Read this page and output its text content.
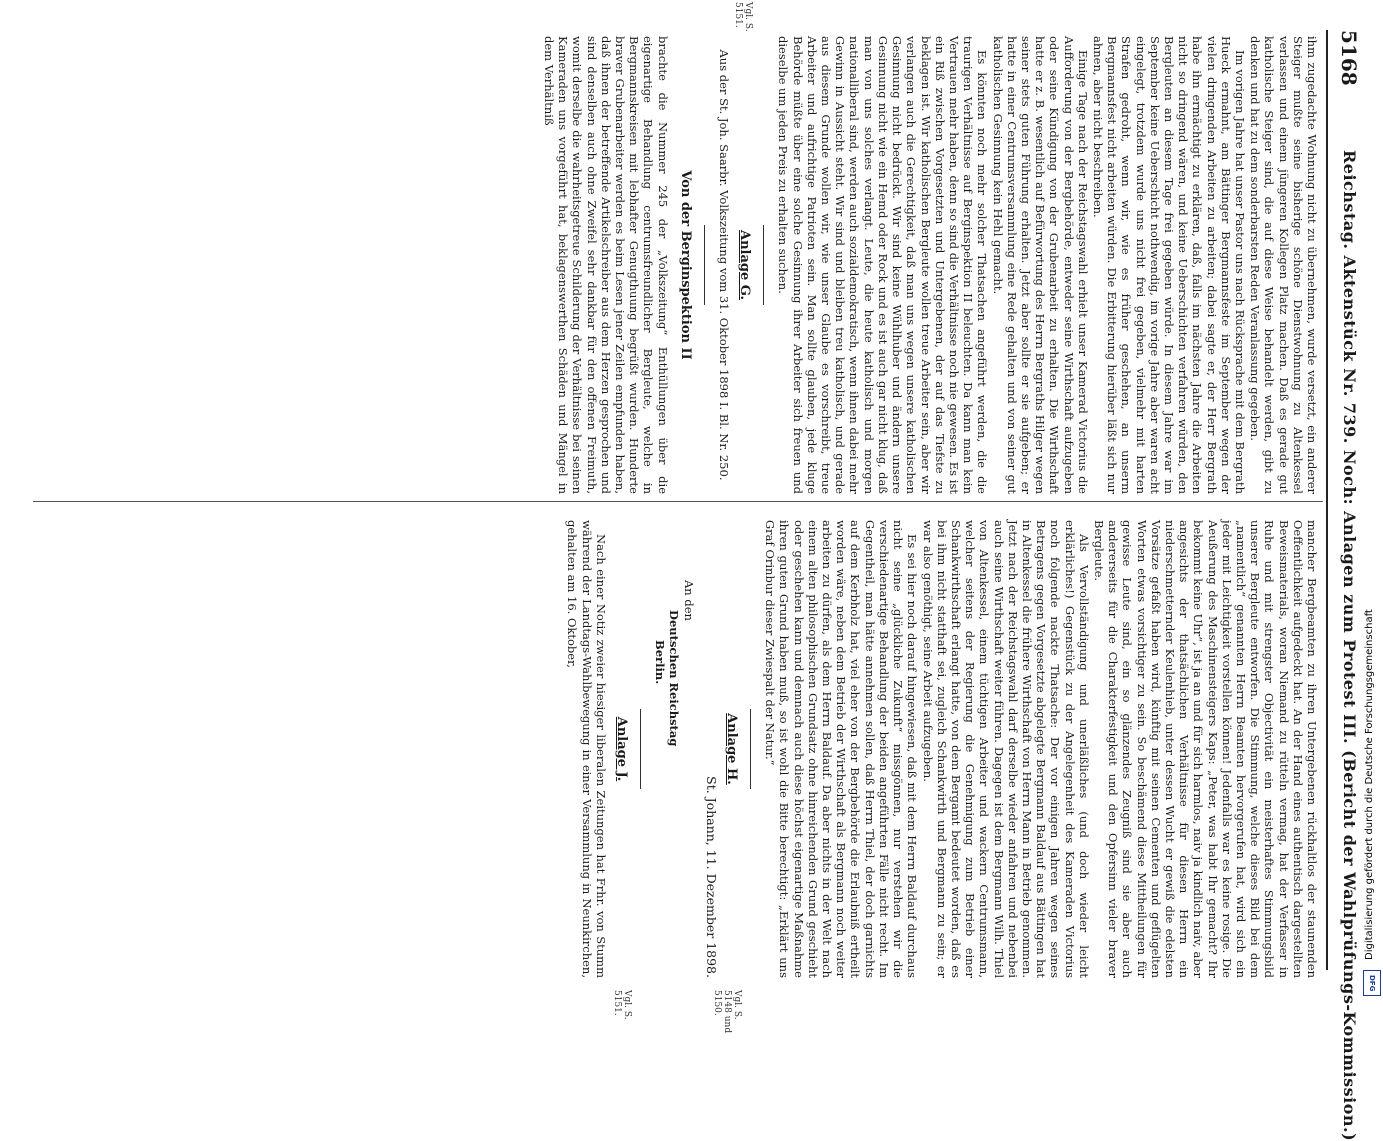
5168
Reichstag. Aktenstück Nr. 739. Noch: Anlagen zum Protest III. (Bericht der Wahlprüfungs-Kommission.)

ihm zugedachte Wohnung nicht zu übernehmen, wurde versetzt, ein anderer Steiger mußte seine bisherige schöne Dienstwohnung zu Altenkessel verlassen und einem jüngeren Kollegen Platz machen. Daß es gerade gut katholische Steiger sind, die auf diese Weise behandelt werden, gibt zu denken und hat zu dem sonderbarsten Reden Veranlassung gegeben.

Im vorigen Jahre hat unser Pastor uns nach Rücksprache mit dem Bergrath Hueck ermahnt, am Bättinger Bergmannsfeste im September wegen der vielen dringenden Arbeiten zu arbeiten; dabei sagte er, der Herr Bergrath habe ihn ermächtigt zu erklären, daß, falls im nächsten Jahre die Arbeiten nicht so dringend wären, und keine Ueberschichten verfahren würden, den Bergleuten an diesem Tage frei gegeben würde. In diesem Jahre war im September keine Ueberschicht nothwendig, im vorige Jahre aber waren acht eingelegt, trotzdem wurde uns nicht frei gegeben, vielmehr mit harten Strafen gedroht, wenn wir, wie es früher geschehen, an unserm Bergmannsfest nicht arbeiten würden. Die Erbitterung hierüber läßt sich nur ahnen, aber nicht beschreiben.

Einige Tage nach der Reichstagswahl erhielt unser Kamerad Victorius die Aufforderung von der Bergbehörde, entweder seine Wirthschaft aufzugeben oder seine Kündigung von der Grubenarbeit zu erhalten. Die Wirthschaft hatte er z. B. wesentlich auf Befürwortung des Herrn Bergraths Hilger wegen seiner stets guten Führung erhalten. Jetzt aber sollte er sie aufgeben; er hatte in einer Centrumsversammlung eine Rede gehalten und von seiner gut katholischen Gesinnung kein Hehl gemacht.

Es könnten noch mehr solcher Thatsachen angeführt werden, die die traurigen Verhältnisse auf Berginspektion II beleuchten. Da kann man kein Vertrauen mehr haben, denn so sind die Verhältnisse noch nie gewesen. Es ist ein Riß zwischen Vorgesetzten und Untergebenen, der auf das Tiefste zu beklagen ist. Wir katholischen Bergleute wollen treue Arbeiter sein, aber wir verlangen auch die Gerechtigkeit, daß man uns wegen unsere katholischen Gesinnung nicht bedrückt. Wir sind keine Wühlhuber und ändern unsere Gesinnung nicht wie ein Hemd oder Rock und es ist auch gar nicht klug, daß man von uns solches verlangt. Leute, die heute katholisch und morgen nationalliberal sind, werden auch sozialdemokratisch, wenn ihnen dabei mehr Gewinn in Aussicht steht. Wir sind und bleiben treu katholisch, und gerade aus diesem Grunde wollen wir, wie unser Glaube es vorschreibt, treue Arbeiter und aufrichtige Patrioten sein. Man sollte glauben, jede kluge Behörde müßte über eine solche Gesinnung ihrer Arbeiter sich freuen und dieselbe um jeden Preis zu erhalten suchen.

Anlage G.
Vgl. S. 5151.

Aus der St. Joh. Saarbr. Volkszeitung vom 31. Oktober 1898 I. Bl. Nr. 250.

Von der Berginspektion II

brachte die Nummer 245 der „Volkszeitung“ Enthüllungen über die eigenartige Behandlung centrumsfreundlicher Bergleute, welche in Bergmannskreisen mit lebhafter Genugthuung begrüßt wurden. Hunderte braver Grubenarbeiter werden es beim Lesen jener Zeilen empfunden haben, daß ihnen der betreffende Artikelschreiber aus dem Herzen gesprochen und sind denselben auch ohne Zweifel sehr dankbar für den offenen Freimuth, womit derselbe die wahrheitsgetreue Schilderung der Verhältnisse bei seinen Kameraden uns vorgeführt hat, beklagenswerthen Schäden und Mängel in dem Verhältniß

mancher Bergbeamten zu ihren Untergebenen rückhaltlos der staunenden Oeffentlichkeit aufgedeckt hat. An der Hand eines authentisch dargestellten Beweismaterials, woran Niemand zu rütteln vermag, hat der Verfasser in Ruhe und mit strengster Objectivität ein meisterhaftes Stimmungsbild unserer Bergleute entworfen. Die Stimmung, welche dieses Bild bei dem „namentlich“ genannten Herrn Beamten hervorgerufen hat, wird sich ein jeder mit Leichtigkeit vorstellen können! Jedenfalls war es keine rosige. Die Aeußerung des Maschinensteigers Kaps: „Peter, was habt Ihr gemacht? Ihr bekommt keine Uhr“, ist ja an und für sich harmlos, naiv ja kindlich naiv, aber angesichts der thatsächlichen Verhältnisse für diesen Herrn ein niederschmetternder Keulenhieb, unter dessen Wucht er gewiß die edelsten Vorsätze gefaßt haben wird, künftig mit seinen Cementen und geflügelten Worten etwas vorsichtiger zu sein. So beschämend diese Mittheilungen für gewisse Leute sind, ein so glänzendes Zeugniß sind sie aber auch andererseits für die Charakterfestigkeit und den Opfersinn vieler braver Bergleute.

Als Vervollständigung und unerläßliches (und doch wieder leicht erklärliches!) Gegenstück zu der Angelegenheit des Kameraden Victorius noch folgende nackte Thatsache: Der vor einigen Jahren wegen seines Betragens gegen Vorgesetzte abgelegte Bergmann Baldauf aus Bättingen hat in Altenkessel die frühere Wirthschaft von Herrn Mann in Betrieb genommen. Jetzt nach der Reichstagswahl darf derselbe wieder anfahren und nebenbei auch seine Wirthschaft weiter führen. Dagegen ist dem Bergmann Wilh. Thiel von Altenkessel, einem tüchtigen Arbeiter und wackern Centrumsmann, welcher seitens der Regierung die Genehmigung zum Betrieb einer Schankwirthschaft erlangt hatte, von dem Bergamt bedeutet worden, daß es bei ihm nicht statthaft sei, zugleich Schankwirth und Bergmann zu sein; er war also genöthigt, seine Arbeit aufzugeben.

Es sei hier noch darauf hingewiesen, daß mit dem Herrn Baldauf durchaus nicht seine „glückliche Zukunft“ missgönnen, nur verstehen wir die verschiedenartige Behandlung der beiden angeführten Fälle nicht recht. Im Gegentheil, man hätte annehmen sollen, daß Herrn Thiel, der doch garnichts auf dem Kerbholz hat, viel eher von der Bergbehörde die Erlaubniß ertheilt worden wäre, neben dem Betrieb der Wirthschaft als Bergmann noch weiter arbeiten zu dürfen, als dem Herrn Baldauf. Da aber nichts in der Welt nach einem alten philosophischen Grundsatz ohne hinreichenden Grund geschieht oder geschehen kann und demnach auch diese höchst eigenartige Maßnahme ihren guten Grund haben muß, so ist wohl die Bitte berechtigt: „Erklärt uns Graf Orinbur dieser Zwiespalt der Natur.“

Anlage H.
Vgl. S. 5148 und 5150.
St. Johann, 11. Dezember 1898.

An den

Deutschen Reichstag

Berlin.

Anlage J.
Vgl. S. 5151.

Nach einer Notiz zweier hiesiger liberalen Zeitungen hat Frhr. von Stumm während der Landtags-Wahlbewegung in einer Versammlung in Neunkirchen, gehalten am 16. Oktober,

Digitalisierung gefördert durch die Deutsche Forschungsgemeinschaft
DFG
